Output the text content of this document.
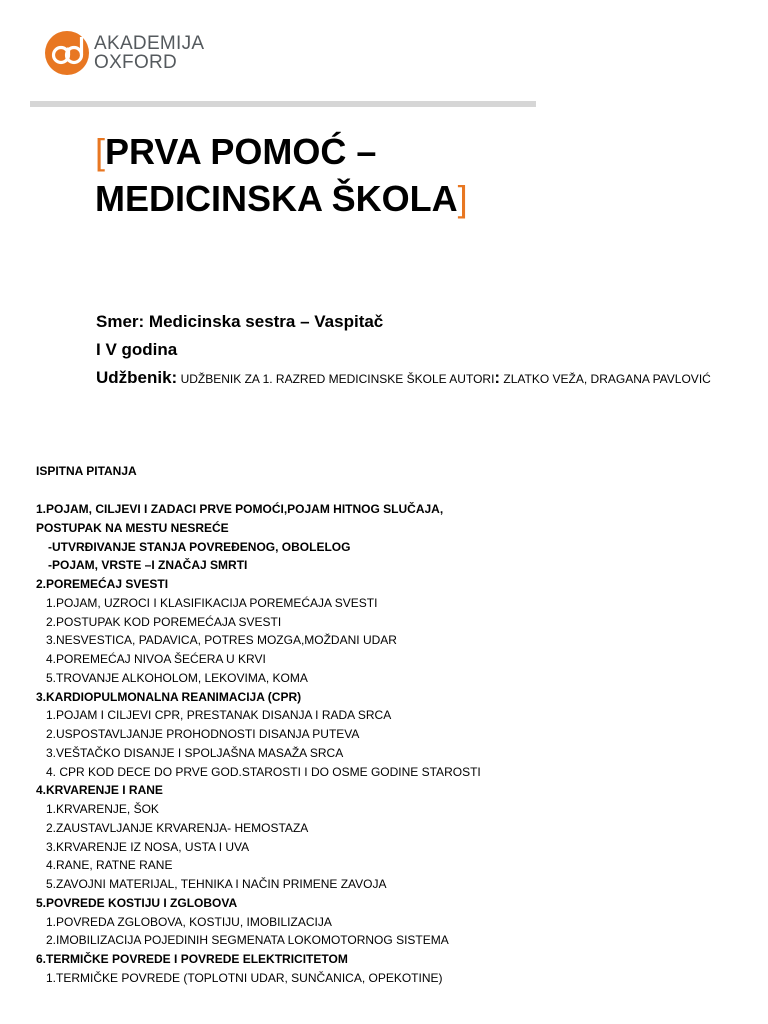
AKADEMIJA
OXFORD
[PRVA POMOĆ –
MEDICINSKA ŠKOLA]
Smer: Medicinska sestra – Vaspitač
I V godina
Udžbenik: UDŽBENIK ZA 1. RAZRED MEDICINSKE ŠKOLE AUTORI: ZLATKO VEŽA, DRAGANA PAVLOVIĆ
ISPITNA PITANJA
1.POJAM, CILJEVI I ZADACI PRVE POMOĆI,POJAM HITNOG SLUČAJA,
POSTUPAK NA MESTU NESREĆE
-UTVRĐIVANJE STANJA POVREĐENOG, OBOLELOG
-POJAM, VRSTE –I ZNAČAJ SMRTI
2.POREMEĆAJ SVESTI
1.POJAM, UZROCI I KLASIFIKACIJA POREMEĆAJA SVESTI
2.POSTUPAK KOD POREMEĆAJA SVESTI
3.NESVESTICA, PADAVICA, POTRES MOZGA,MOŽDANI UDAR
4.POREMEĆAJ NIVOA ŠEĆERA U KRVI
5.TROVANJE ALKOHOLOM, LEKOVIMA, KOMA
3.KARDIOPULMONALNA REANIMACIJA (CPR)
1.POJAM I CILJEVI CPR, PRESTANAK DISANJA I RADA SRCA
2.USPOSTAVLJANJE PROHODNOSTI DISANJA PUTEVA
3.VEŠTAČKO DISANJE I SPOLJAŠNA MASAŽA SRCA
4. CPR KOD DECE DO PRVE GOD.STAROSTI I DO OSME GODINE STAROSTI
4.KRVARENJE I RANE
1.KRVARENJE, ŠOK
2.ZAUSTAVLJANJE KRVARENJA- HEMOSTAZA
3.KRVARENJE IZ NOSA, USTA I UVA
4.RANE, RATNE RANE
5.ZAVOJNI MATERIJAL, TEHNIKA I NAČIN PRIMENE ZAVOJA
5.POVREDE KOSTIJU I ZGLOBOVA
1.POVREDA ZGLOBOVA, KOSTIJU, IMOBILIZACIJA
2.IMOBILIZACIJA POJEDINIH SEGMENATA LOKOMOTORNOG SISTEMA
6.TERMIČKE POVREDE I POVREDE ELEKTRICITETOM
1.TERMIČKE POVREDE (TOPLOTNI UDAR, SUNČANICA, OPEKOTINE)
